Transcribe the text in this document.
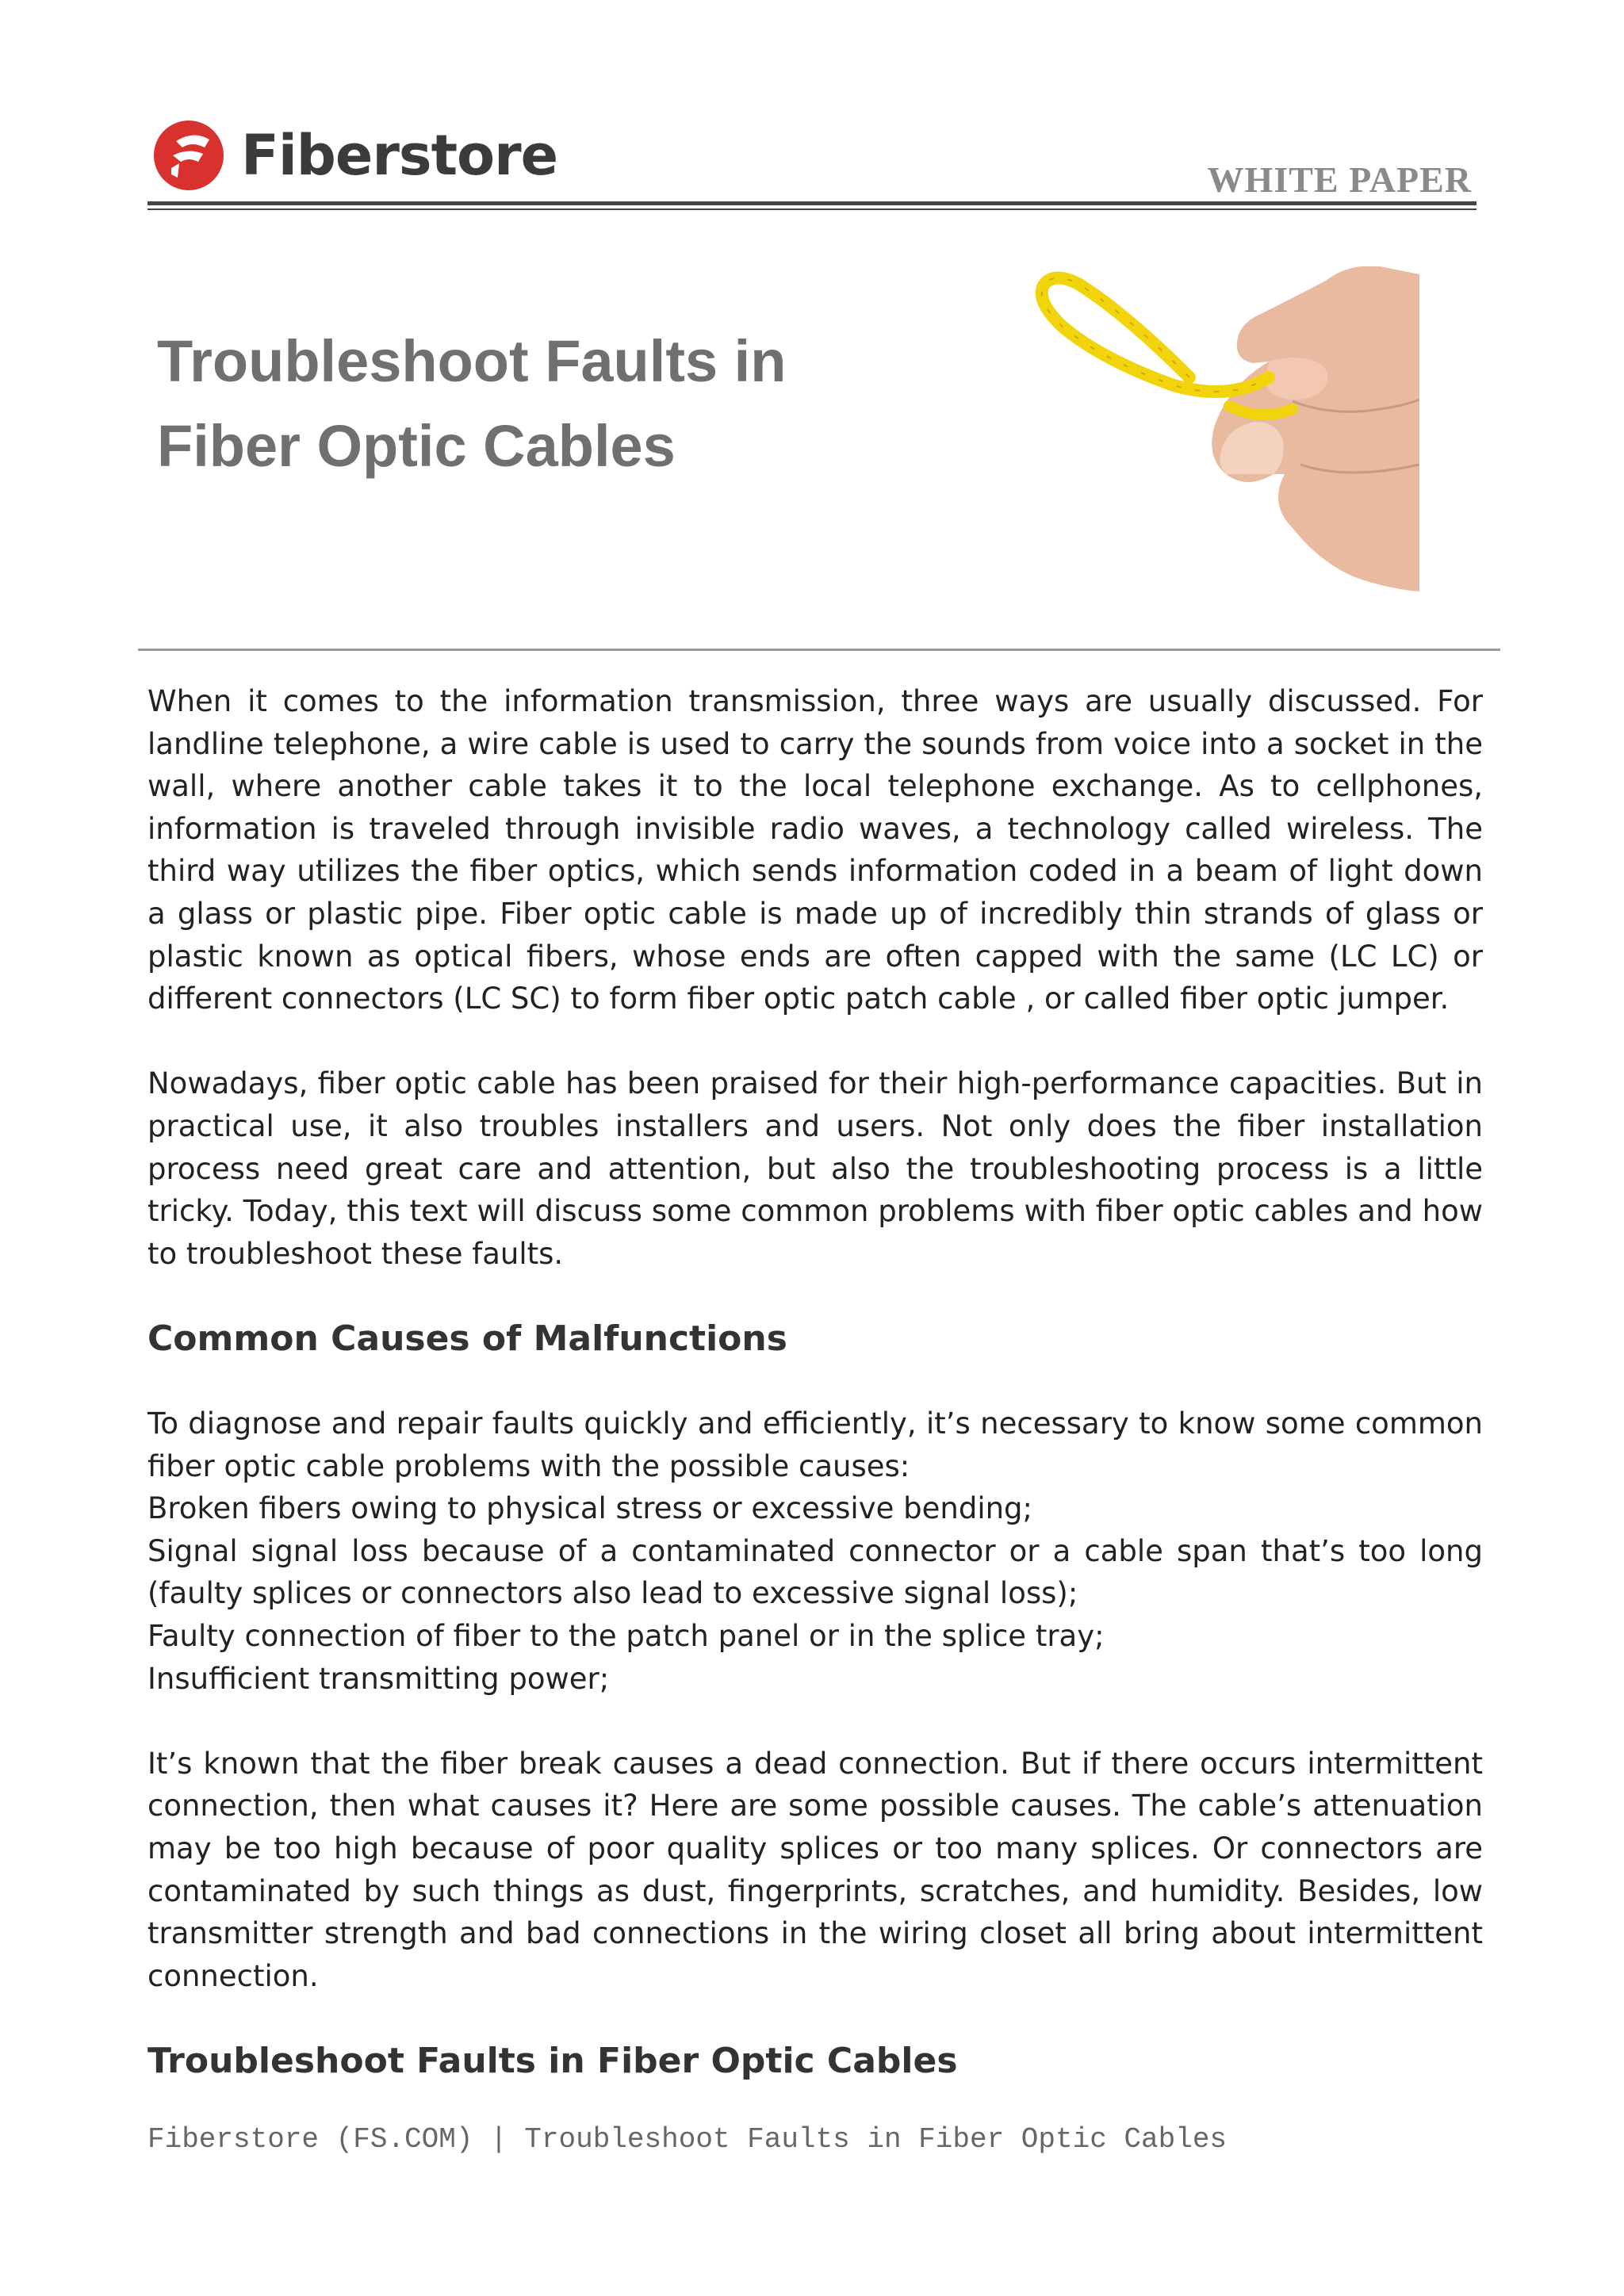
Fiberstore	WHITE PAPER
Troubleshoot Faults in
Fiber Optic Cables

When it comes to the information transmission, three ways are usually discussed. For landline telephone, a wire cable is used to carry the sounds from voice into a socket in the wall, where another cable takes it to the local telephone exchange. As to cellphones, information is traveled through invisible radio waves, a technology called wireless. The third way utilizes the fiber optics, which sends information coded in a beam of light down a glass or plastic pipe. Fiber optic cable is made up of incredibly thin strands of glass or plastic known as optical fibers, whose ends are often capped with the same (LC LC) or different connectors (LC SC) to form fiber optic patch cable , or called fiber optic jumper.

Nowadays, fiber optic cable has been praised for their high-performance capacities. But in practical use, it also troubles installers and users. Not only does the fiber installation process need great care and attention, but also the troubleshooting process is a little tricky. Today, this text will discuss some common problems with fiber optic cables and how to troubleshoot these faults.

Common Causes of Malfunctions

To diagnose and repair faults quickly and efficiently, it’s necessary to know some common fiber optic cable problems with the possible causes:

Broken fibers owing to physical stress or excessive bending;

Signal signal loss because of a contaminated connector or a cable span that’s too long (faulty splices or connectors also lead to excessive signal loss);

Faulty connection of fiber to the patch panel or in the splice tray;

Insufficient transmitting power;

It’s known that the fiber break causes a dead connection. But if there occurs intermittent connection, then what causes it? Here are some possible causes. The cable’s attenuation may be too high because of poor quality splices or too many splices. Or connectors are contaminated by such things as dust, fingerprints, scratches, and humidity. Besides, low transmitter strength and bad connections in the wiring closet all bring about intermittent connection.

Troubleshoot Faults in Fiber Optic Cables

Fiberstore (FS.COM) | Troubleshoot Faults in Fiber Optic Cables
